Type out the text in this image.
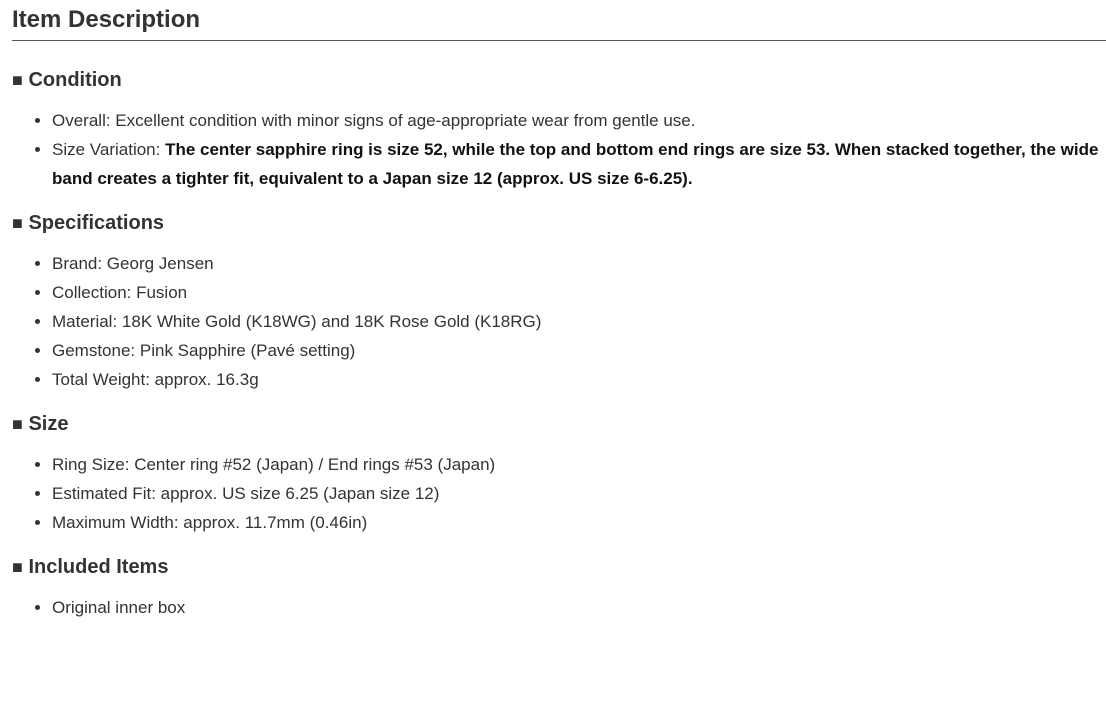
Item Description
■ Condition
• Overall: Excellent condition with minor signs of age-appropriate wear from gentle use.
• Size Variation: The center sapphire ring is size 52, while the top and bottom end rings are size 53. When stacked together, the wide band creates a tighter fit, equivalent to a Japan size 12 (approx. US size 6-6.25).
■ Specifications
• Brand: Georg Jensen
• Collection: Fusion
• Material: 18K White Gold (K18WG) and 18K Rose Gold (K18RG)
• Gemstone: Pink Sapphire (Pavé setting)
• Total Weight: approx. 16.3g
■ Size
• Ring Size: Center ring #52 (Japan) / End rings #53 (Japan)
• Estimated Fit: approx. US size 6.25 (Japan size 12)
• Maximum Width: approx. 11.7mm (0.46in)
■ Included Items
• Original inner box
